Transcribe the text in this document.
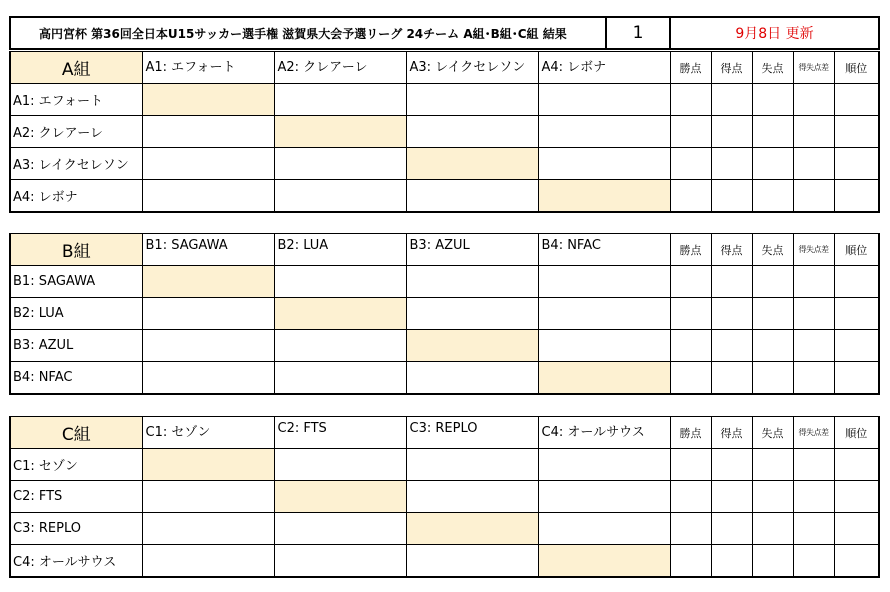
高円宮杯 第36回全日本U15サッカー選手権 滋賀県大会予選リーグ 24チーム A組･B組･C組 結果	1	9月8日 更新
A組	A1: エフォート	A2: クレアーレ	A3: レイクセレソン	A4: レボナ	勝点	得点	失点	得失点差	順位
A1: エフォート									
A2: クレアーレ									
A3: レイクセレソン									
A4: レボナ									
B組	B1: SAGAWA	B2: LUA	B3: AZUL	B4: NFAC	勝点	得点	失点	得失点差	順位
B1: SAGAWA									
B2: LUA									
B3: AZUL									
B4: NFAC									
C組	C1: セゾン	C2: FTS	C3: REPLO	C4: オールサウス	勝点	得点	失点	得失点差	順位
C1: セゾン									
C2: FTS									
C3: REPLO									
C4: オールサウス									
